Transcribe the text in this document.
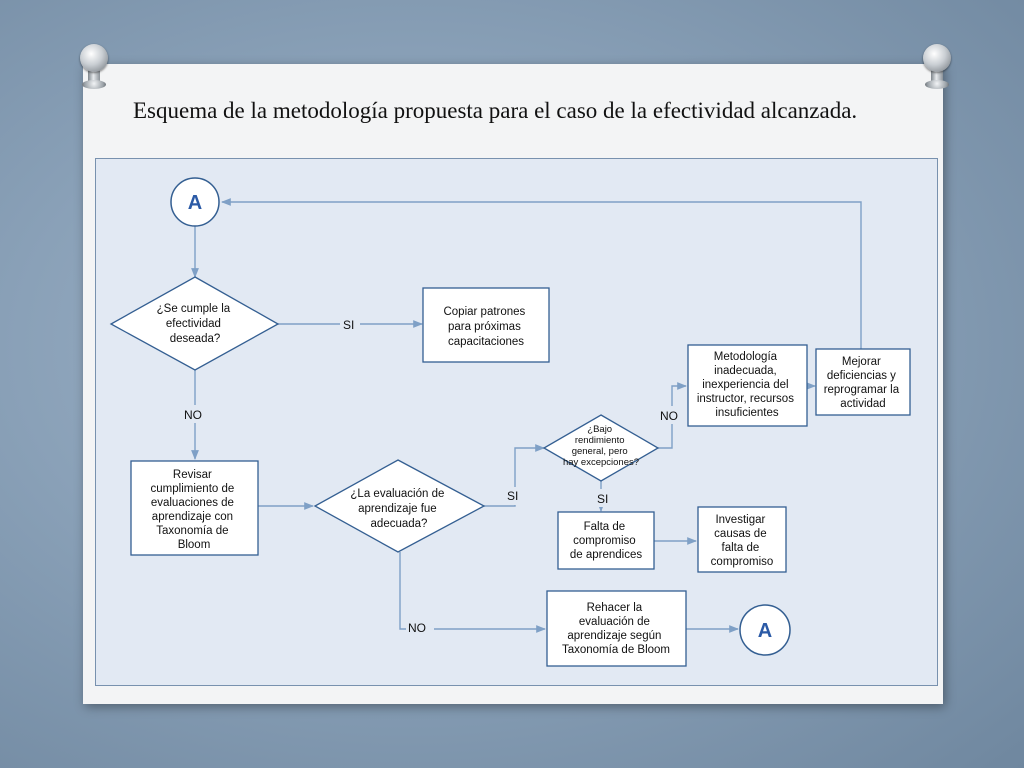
Esquema de la metodología propuesta para el caso de la efectividad alcanzada.
SI
NO
SI
NO
SI
NO
A
A
¿Se cumple la efectividad deseada?
Copiar patrones para próximas capacitaciones
Revisar cumplimiento de evaluaciones de aprendizaje con Taxonomía de Bloom
¿La evaluación de aprendizaje fue adecuada?
¿Bajo rendimiento general, pero hay excepciones?
Metodología inadecuada, inexperiencia del instructor, recursos insuficientes
Mejorar deficiencias y reprogramar la actividad
Falta de compromiso de aprendices
Investigar causas de falta de compromiso
Rehacer la evaluación de aprendizaje según Taxonomía de Bloom
